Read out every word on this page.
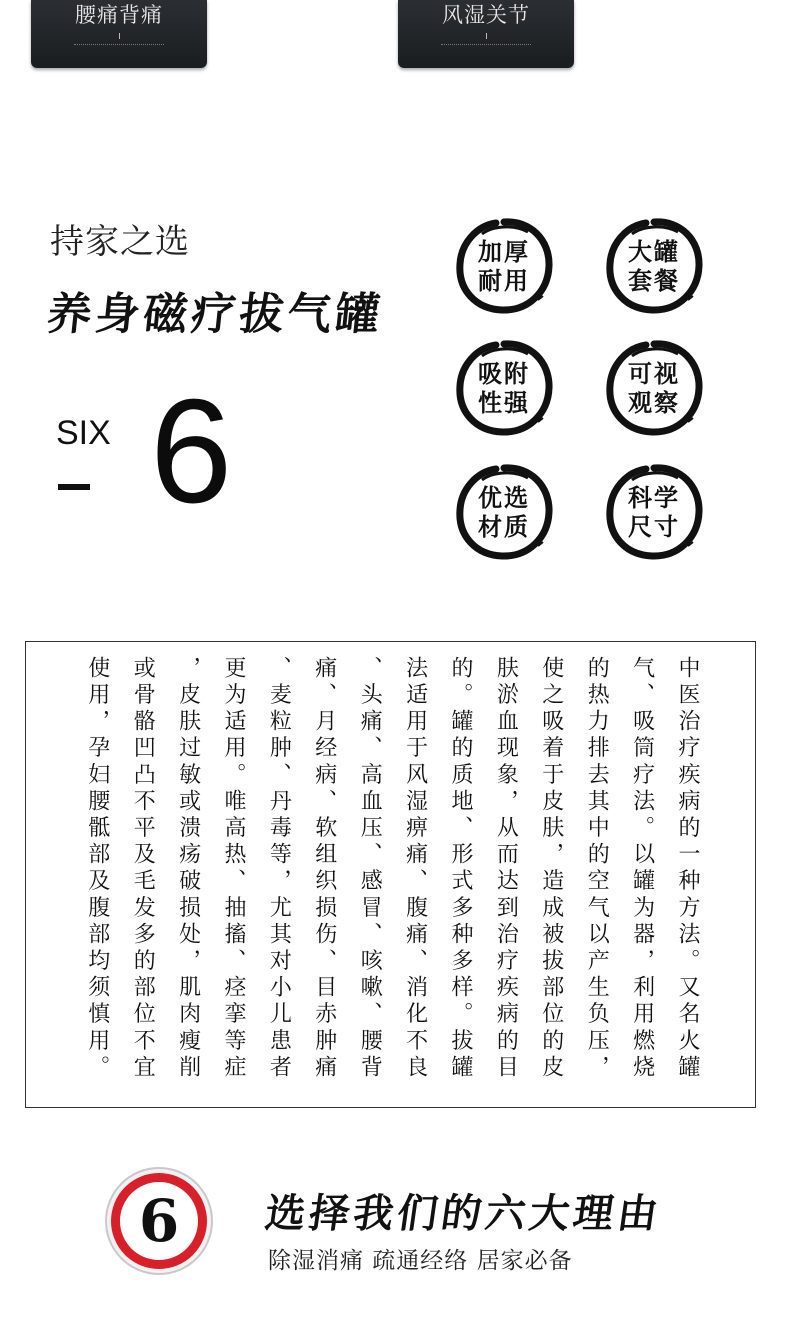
腰痛背痛	风湿关节
持家之选
养身磁疗拔气罐
SIX 6
加厚
耐用
大罐
套餐
吸附
性强
可视
观察
优选
材质
科学
尺寸
中医治疗疾病的一种方法。又名火罐
气、吸筒疗法。以罐为器，利用燃烧
的热力排去其中的空气以产生负压，
使之吸着于皮肤，造成被拔部位的皮
肤淤血现象，从而达到治疗疾病的目
的。罐的质地、形式多种多样。拔罐
法适用于风湿痹痛、腹痛、消化不良
、头痛、高血压、感冒、咳嗽、腰背
痛、月经病、软组织损伤、目赤肿痛
、麦粒肿、丹毒等，尤其对小儿患者
更为适用。唯高热、抽搐、痉挛等症
，皮肤过敏或溃疡破损处，肌肉瘦削
或骨骼凹凸不平及毛发多的部位不宜
使用，孕妇腰骶部及腹部均须慎用。
6	选择我们的六大理由
除湿消痛 疏通经络 居家必备
